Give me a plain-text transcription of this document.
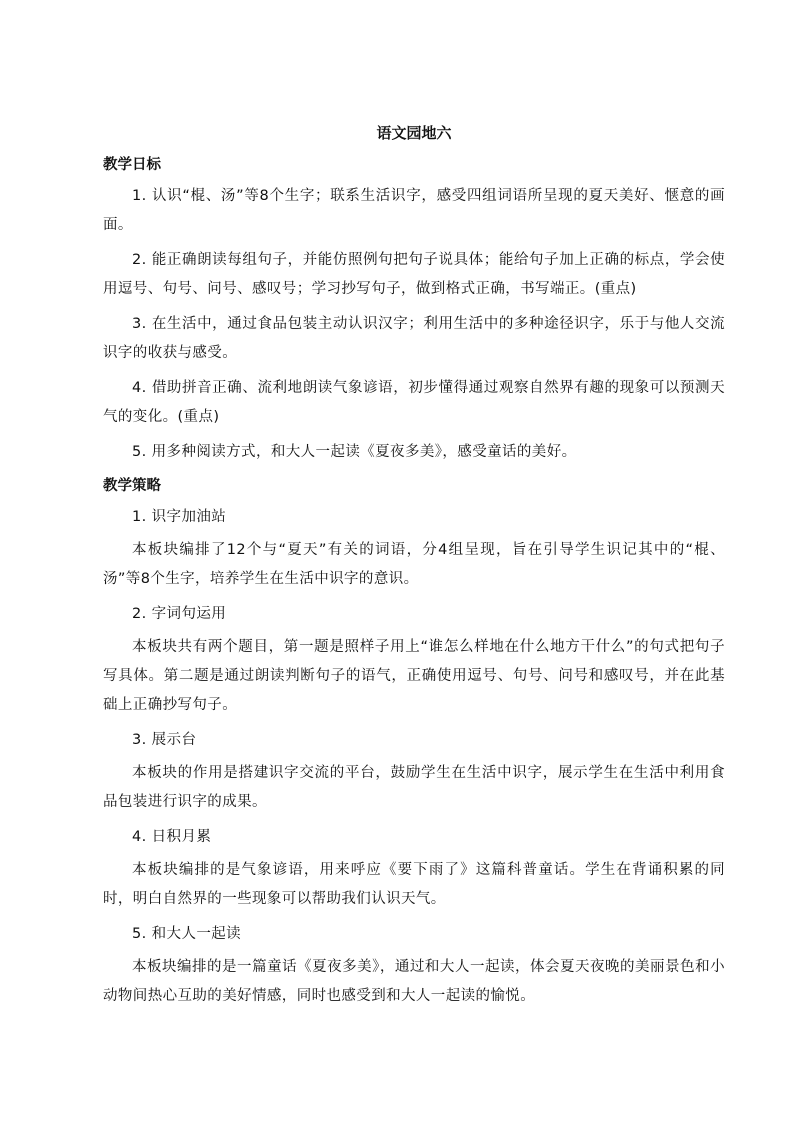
语文园地六

教学日标

1. 认识“棍、汤”等8个生字；联系生活识字，感受四组词语所呈现的夏天美好、惬意的画面。

2. 能正确朗读每组句子，并能仿照例句把句子说具体；能给句子加上正确的标点，学会使用逗号、句号、问号、感叹号；学习抄写句子，做到格式正确，书写端正。(重点)

3. 在生活中，通过食品包装主动认识汉字；利用生活中的多种途径识字，乐于与他人交流识字的收获与感受。

4. 借助拼音正确、流利地朗读气象谚语，初步懂得通过观察自然界有趣的现象可以预测天气的变化。(重点)

5. 用多种阅读方式，和大人一起读《夏夜多美》，感受童话的美好。

教学策略

1. 识字加油站

本板块编排了12个与“夏天”有关的词语，分4组呈现，旨在引导学生识记其中的“棍、汤”等8个生字，培养学生在生活中识字的意识。

2. 字词句运用

本板块共有两个题目，第一题是照样子用上“谁怎么样地在什么地方干什么”的句式把句子写具体。第二题是通过朗读判断句子的语气，正确使用逗号、句号、问号和感叹号，并在此基础上正确抄写句子。

3. 展示台

本板块的作用是搭建识字交流的平台，鼓励学生在生活中识字，展示学生在生活中利用食品包装进行识字的成果。

4. 日积月累

本板块编排的是气象谚语，用来呼应《要下雨了》这篇科普童话。学生在背诵积累的同时，明白自然界的一些现象可以帮助我们认识天气。

5. 和大人一起读

本板块编排的是一篇童话《夏夜多美》，通过和大人一起读，体会夏天夜晚的美丽景色和小动物间热心互助的美好情感，同时也感受到和大人一起读的愉悦。
